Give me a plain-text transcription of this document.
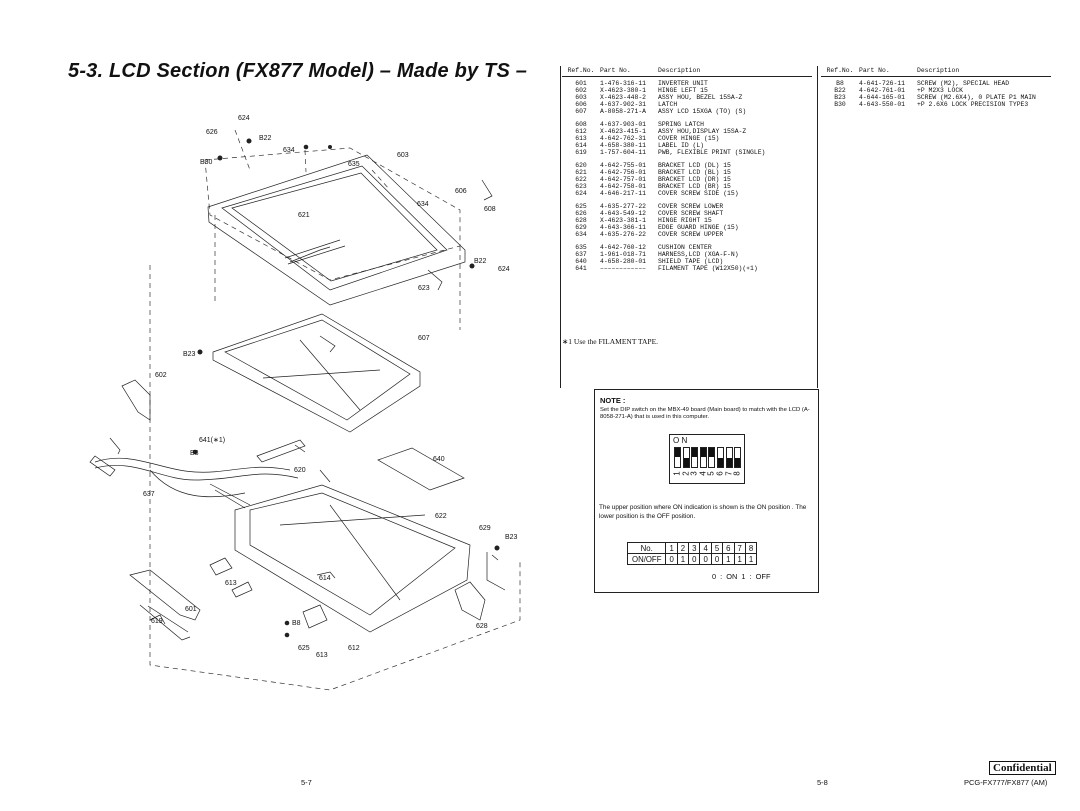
5-3. LCD Section (FX877 Model) – Made by TS –
624
626
B22
634
B30	635
603
606
634
621
608
B22
624
623
607
B23
602
641(∗1)
B8
640
620
637
622
629
B23
614
613
601
619	B8	628
625	612
613
Ref.No. Part No.	Description
601	1-476-316-11	INVERTER UNIT
602	X-4623-380-1	HINGE LEFT 15
603	X-4623-448-2	ASSY HOU, BEZEL 15SA-Z
606	4-637-902-31	LATCH
607	A-8058-271-A	ASSY LCD 15XGA (TO) (S)
608	4-637-903-01	SPRING LATCH
612	X-4623-415-1	ASSY HOU,DISPLAY 15SA-Z
613	4-642-762-31	COVER HINGE (15)
614	4-658-380-11	LABEL ID (L)
619	1-757-604-11	PWB, FLEXIBLE PRINT (SINGLE)
620	4-642-755-01	BRACKET LCD (DL) 15
621	4-642-756-01	BRACKET LCD (BL) 15
622	4-642-757-01	BRACKET LCD (DR) 15
623	4-642-758-01	BRACKET LCD (BR) 15
624	4-646-217-11	COVER SCREW SIDE (15)
625	4-635-277-22	COVER SCREW LOWER
626	4-643-549-12	COVER SCREW SHAFT
628	X-4623-381-1	HINGE RIGHT 15
629	4-643-366-11	EDGE GUARD HINGE (15)
634	4-635-276-22	COVER SCREW UPPER
635	4-642-760-12	CUSHION CENTER
637	1-961-018-71	HARNESS,LCD (XGA-F-N)
640	4-658-280-01	SHIELD TAPE (LCD)
641	––––––––––––	FILAMENT TAPE (W12X50)(∗1)
Ref.No. Part No.	Description
B8	4-641-726-11	SCREW (M2), SPECIAL HEAD
B22	4-642-761-01	+P M2X3 LOCK
B23	4-644-165-01	SCREW (M2.6X4), 0 PLATE P1 MAIN
B30	4-643-550-01	+P 2.6X6 LOCK PRECISION TYPE3
∗1 Use the FILAMENT TAPE.
NOTE :
Set the DIP switch on the MBX-49 board (Main board) to match with the LCD (A-8058-271-A) that is used in this computer.
O N
1 2 3 4 5 6 7 8
The upper position where ON indication is shown is the ON position . The lower position is the OFF position.
No.	1	2	3	4	5	6	7	8
ON/OFF	0	1	0	0	0	1	1	1
0 : ON 1 : OFF
Confidential
5-7	5-8	PCG-FX777/FX877 (AM)
